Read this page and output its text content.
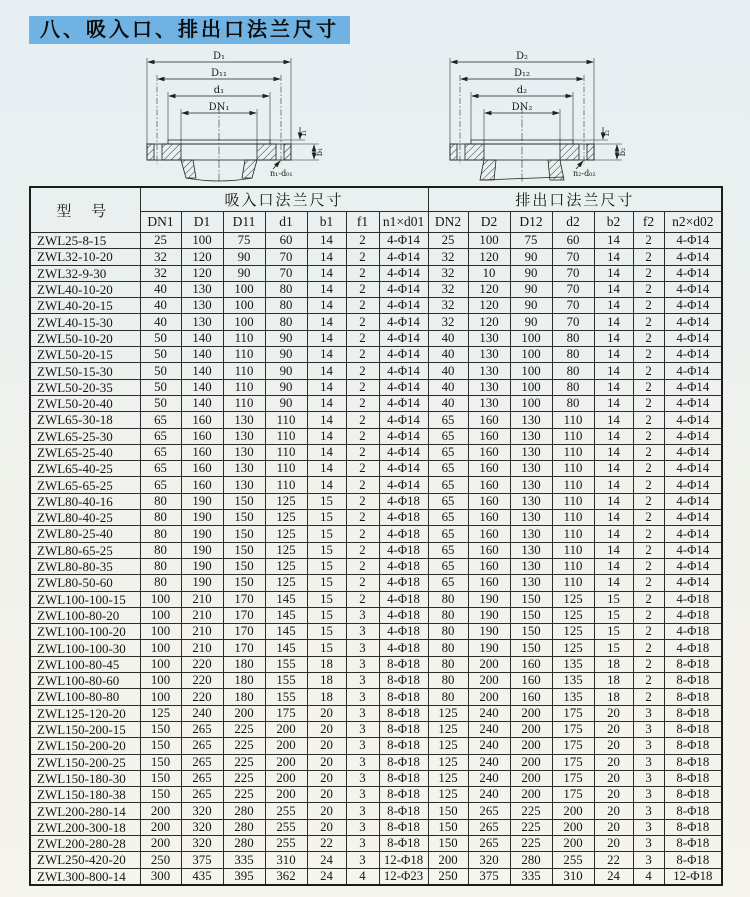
八、吸入口、排出口法兰尺寸
D₁
D₁₁
d₁
DN₁
f₁
b₁
n₁-d₀₁
D₂
D₁₂
d₂
DN₂
f₂
b₂
n₂-d₀₂
型 号	吸入口法兰尺寸							排出口法兰尺寸						
	DN1	D1	D11	d1	b1	f1	n1×d01	DN2	D2	D12	d2	b2	f2	n2×d02
ZWL25-8-15	25	100	75	60	14	2	4-Φ14	25	100	75	60	14	2	4-Φ14
ZWL32-10-20	32	120	90	70	14	2	4-Φ14	32	120	90	70	14	2	4-Φ14
ZWL32-9-30	32	120	90	70	14	2	4-Φ14	32	10	90	70	14	2	4-Φ14
ZWL40-10-20	40	130	100	80	14	2	4-Φ14	32	120	90	70	14	2	4-Φ14
ZWL40-20-15	40	130	100	80	14	2	4-Φ14	32	120	90	70	14	2	4-Φ14
ZWL40-15-30	40	130	100	80	14	2	4-Φ14	32	120	90	70	14	2	4-Φ14
ZWL50-10-20	50	140	110	90	14	2	4-Φ14	40	130	100	80	14	2	4-Φ14
ZWL50-20-15	50	140	110	90	14	2	4-Φ14	40	130	100	80	14	2	4-Φ14
ZWL50-15-30	50	140	110	90	14	2	4-Φ14	40	130	100	80	14	2	4-Φ14
ZWL50-20-35	50	140	110	90	14	2	4-Φ14	40	130	100	80	14	2	4-Φ14
ZWL50-20-40	50	140	110	90	14	2	4-Φ14	40	130	100	80	14	2	4-Φ14
ZWL65-30-18	65	160	130	110	14	2	4-Φ14	65	160	130	110	14	2	4-Φ14
ZWL65-25-30	65	160	130	110	14	2	4-Φ14	65	160	130	110	14	2	4-Φ14
ZWL65-25-40	65	160	130	110	14	2	4-Φ14	65	160	130	110	14	2	4-Φ14
ZWL65-40-25	65	160	130	110	14	2	4-Φ14	65	160	130	110	14	2	4-Φ14
ZWL65-65-25	65	160	130	110	14	2	4-Φ14	65	160	130	110	14	2	4-Φ14
ZWL80-40-16	80	190	150	125	15	2	4-Φ18	65	160	130	110	14	2	4-Φ14
ZWL80-40-25	80	190	150	125	15	2	4-Φ18	65	160	130	110	14	2	4-Φ14
ZWL80-25-40	80	190	150	125	15	2	4-Φ18	65	160	130	110	14	2	4-Φ14
ZWL80-65-25	80	190	150	125	15	2	4-Φ18	65	160	130	110	14	2	4-Φ14
ZWL80-80-35	80	190	150	125	15	2	4-Φ18	65	160	130	110	14	2	4-Φ14
ZWL80-50-60	80	190	150	125	15	2	4-Φ18	65	160	130	110	14	2	4-Φ14
ZWL100-100-15	100	210	170	145	15	2	4-Φ18	80	190	150	125	15	2	4-Φ18
ZWL100-80-20	100	210	170	145	15	3	4-Φ18	80	190	150	125	15	2	4-Φ18
ZWL100-100-20	100	210	170	145	15	3	4-Φ18	80	190	150	125	15	2	4-Φ18
ZWL100-100-30	100	210	170	145	15	3	4-Φ18	80	190	150	125	15	2	4-Φ18
ZWL100-80-45	100	220	180	155	18	3	8-Φ18	80	200	160	135	18	2	8-Φ18
ZWL100-80-60	100	220	180	155	18	3	8-Φ18	80	200	160	135	18	2	8-Φ18
ZWL100-80-80	100	220	180	155	18	3	8-Φ18	80	200	160	135	18	2	8-Φ18
ZWL125-120-20	125	240	200	175	20	3	8-Φ18	125	240	200	175	20	3	8-Φ18
ZWL150-200-15	150	265	225	200	20	3	8-Φ18	125	240	200	175	20	3	8-Φ18
ZWL150-200-20	150	265	225	200	20	3	8-Φ18	125	240	200	175	20	3	8-Φ18
ZWL150-200-25	150	265	225	200	20	3	8-Φ18	125	240	200	175	20	3	8-Φ18
ZWL150-180-30	150	265	225	200	20	3	8-Φ18	125	240	200	175	20	3	8-Φ18
ZWL150-180-38	150	265	225	200	20	3	8-Φ18	125	240	200	175	20	3	8-Φ18
ZWL200-280-14	200	320	280	255	20	3	8-Φ18	150	265	225	200	20	3	8-Φ18
ZWL200-300-18	200	320	280	255	20	3	8-Φ18	150	265	225	200	20	3	8-Φ18
ZWL200-280-28	200	320	280	255	22	3	8-Φ18	150	265	225	200	20	3	8-Φ18
ZWL250-420-20	250	375	335	310	24	3	12-Φ18	200	320	280	255	22	3	8-Φ18
ZWL300-800-14	300	435	395	362	24	4	12-Φ23	250	375	335	310	24	4	12-Φ18
